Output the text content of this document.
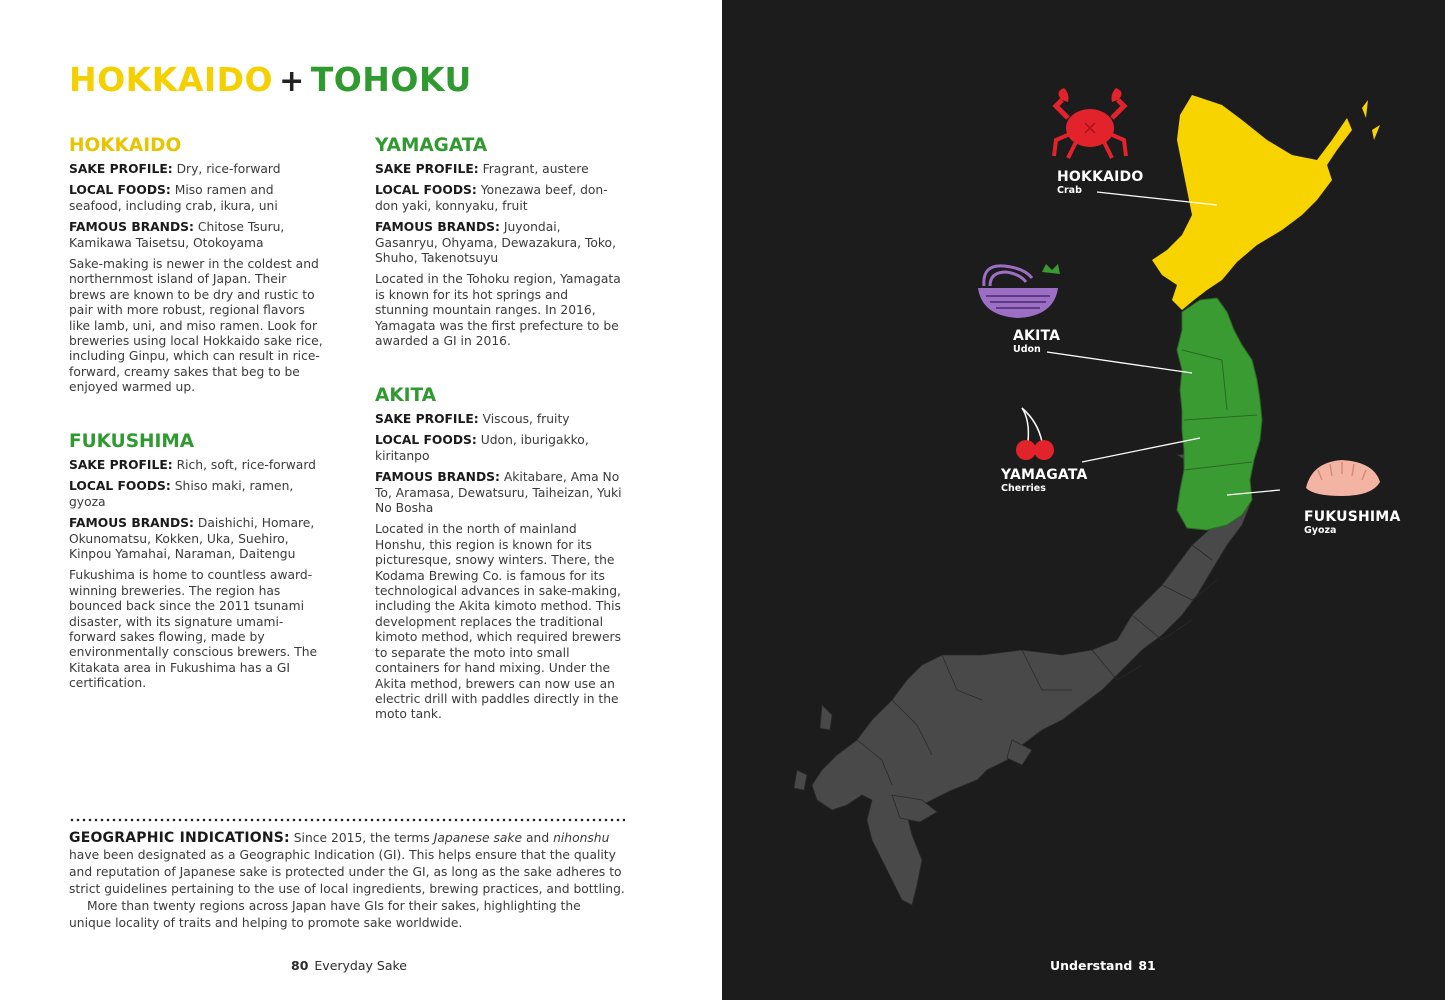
HOKKAIDO + TOHOKU
HOKKAIDO

SAKE PROFILE: Dry, rice-forward

LOCAL FOODS: Miso ramen and seafood, including crab, ikura, uni

FAMOUS BRANDS: Chitose Tsuru, Kamikawa Taisetsu, Otokoyama

Sake-making is newer in the coldest and northernmost island of Japan. Their brews are known to be dry and rustic to pair with more robust, regional flavors like lamb, uni, and miso ramen. Look for breweries using local Hokkaido sake rice, including Ginpu, which can result in rice-forward, creamy sakes that beg to be enjoyed warmed up.

FUKUSHIMA

SAKE PROFILE: Rich, soft, rice-forward

LOCAL FOODS: Shiso maki, ramen, gyoza

FAMOUS BRANDS: Daishichi, Homare, Okunomatsu, Kokken, Uka, Suehiro, Kinpou Yamahai, Naraman, Daitengu

Fukushima is home to countless award-winning breweries. The region has bounced back since the 2011 tsunami disaster, with its signature umami-forward sakes flowing, made by environmentally conscious brewers. The Kitakata area in Fukushima has a GI certification.

YAMAGATA

SAKE PROFILE: Fragrant, austere

LOCAL FOODS: Yonezawa beef, don-don yaki, konnyaku, fruit

FAMOUS BRANDS: Juyondai, Gasanryu, Ohyama, Dewazakura, Toko, Shuho, Takenotsuyu

Located in the Tohoku region, Yamagata is known for its hot springs and stunning mountain ranges. In 2016, Yamagata was the first prefecture to be awarded a GI in 2016.

AKITA

SAKE PROFILE: Viscous, fruity

LOCAL FOODS: Udon, iburigakko, kiritanpo

FAMOUS BRANDS: Akitabare, Ama No To, Aramasa, Dewatsuru, Taiheizan, Yuki No Bosha

Located in the north of mainland Honshu, this region is known for its picturesque, snowy winters. There, the Kodama Brewing Co. is famous for its technological advances in sake-making, including the Akita kimoto method. This development replaces the traditional kimoto method, which required brewers to separate the moto into small containers for hand mixing. Under the Akita method, brewers can now use an electric drill with paddles directly in the moto tank.

GEOGRAPHIC INDICATIONS: Since 2015, the terms Japanese sake and nihonshu have been designated as a Geographic Indication (GI). This helps ensure that the quality and reputation of Japanese sake is protected under the GI, as long as the sake adheres to strict guidelines pertaining to the use of local ingredients, brewing practices, and bottling.

More than twenty regions across Japan have GIs for their sakes, highlighting the unique locality of traits and helping to promote sake worldwide.

80 Everyday Sake
HOKKAIDO
Crab
AKITA
Udon
YAMAGATA
Cherries
FUKUSHIMA
Gyoza
Understand 81
